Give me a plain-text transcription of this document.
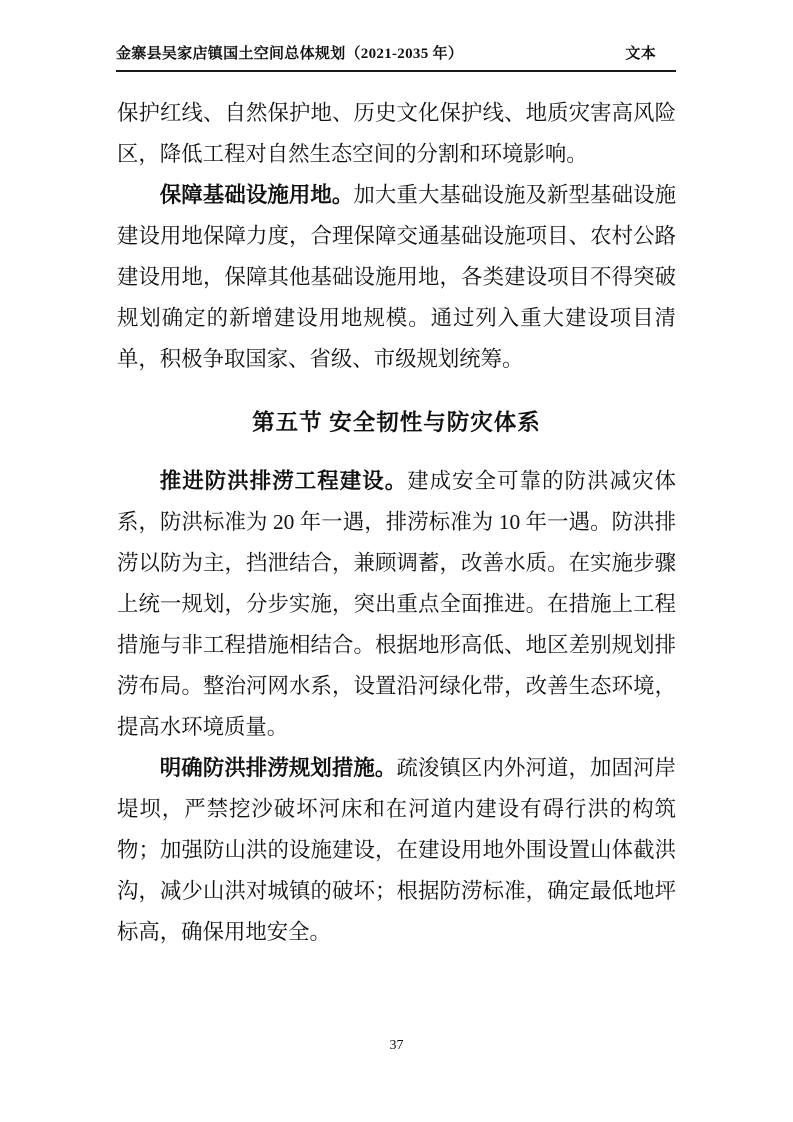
金寨县吴家店镇国土空间总体规划（2021-2035 年）	文本

保护红线、自然保护地、历史文化保护线、地质灾害高风险区，降低工程对自然生态空间的分割和环境影响。

保障基础设施用地。加大重大基础设施及新型基础设施建设用地保障力度，合理保障交通基础设施项目、农村公路建设用地，保障其他基础设施用地，各类建设项目不得突破规划确定的新增建设用地规模。通过列入重大建设项目清单，积极争取国家、省级、市级规划统筹。

第五节 安全韧性与防灾体系

推进防洪排涝工程建设。建成安全可靠的防洪减灾体系，防洪标准为 20 年一遇，排涝标准为 10 年一遇。防洪排涝以防为主，挡泄结合，兼顾调蓄，改善水质。在实施步骤上统一规划，分步实施，突出重点全面推进。在措施上工程措施与非工程措施相结合。根据地形高低、地区差别规划排涝布局。整治河网水系，设置沿河绿化带，改善生态环境，提高水环境质量。

明确防洪排涝规划措施。疏浚镇区内外河道，加固河岸堤坝，严禁挖沙破坏河床和在河道内建设有碍行洪的构筑物；加强防山洪的设施建设，在建设用地外围设置山体截洪沟，减少山洪对城镇的破坏；根据防涝标准，确定最低地坪标高，确保用地安全。

37
